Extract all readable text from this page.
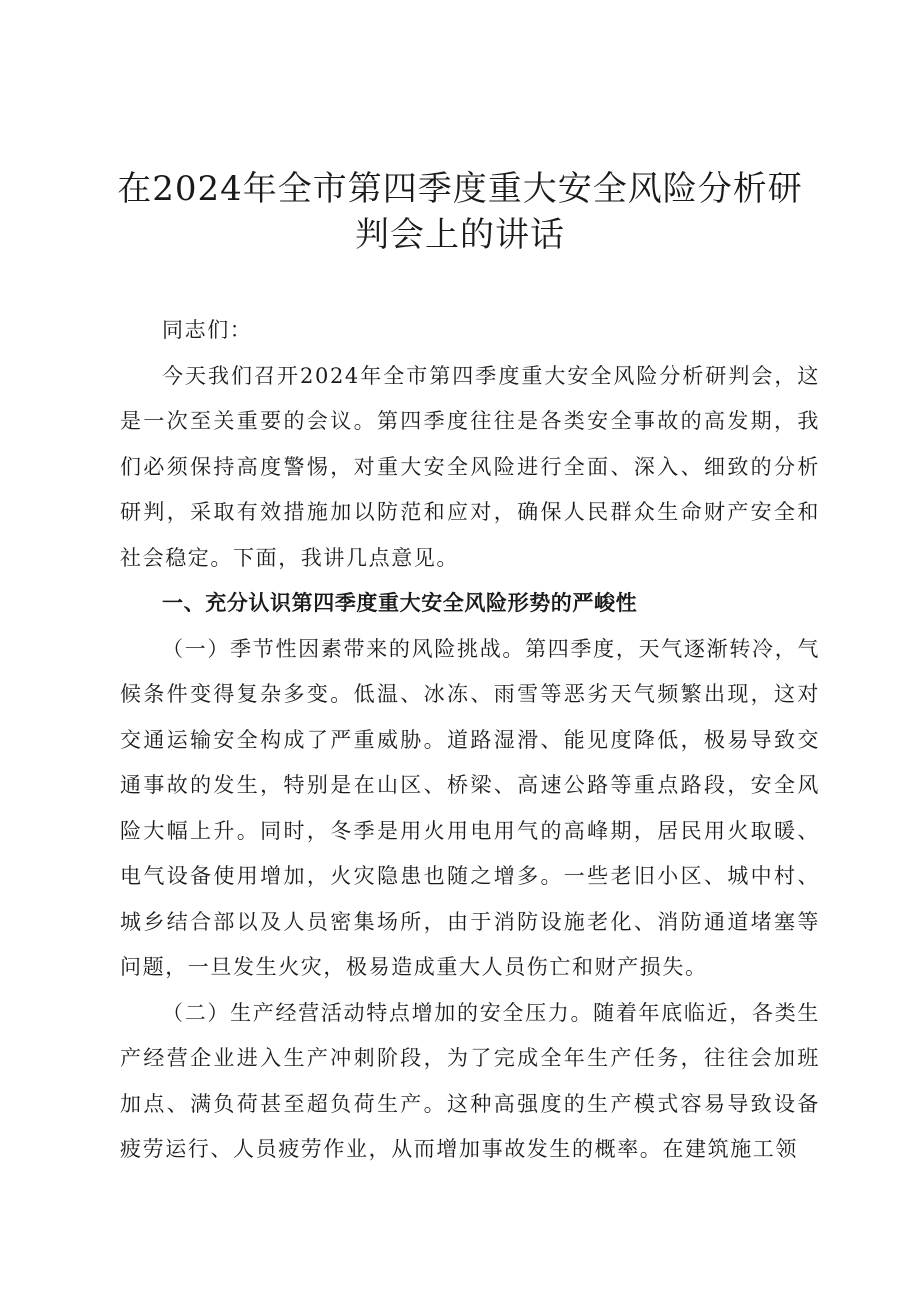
在2024年全市第四季度重大安全风险分析研
判会上的讲话

同志们：

今天我们召开2024年全市第四季度重大安全风险分析研判会，这是一次至关重要的会议。第四季度往往是各类安全事故的高发期，我们必须保持高度警惕，对重大安全风险进行全面、深入、细致的分析研判，采取有效措施加以防范和应对，确保人民群众生命财产安全和社会稳定。下面，我讲几点意见。

一、充分认识第四季度重大安全风险形势的严峻性

（一）季节性因素带来的风险挑战。第四季度，天气逐渐转冷，气候条件变得复杂多变。低温、冰冻、雨雪等恶劣天气频繁出现，这对交通运输安全构成了严重威胁。道路湿滑、能见度降低，极易导致交通事故的发生，特别是在山区、桥梁、高速公路等重点路段，安全风险大幅上升。同时，冬季是用火用电用气的高峰期，居民用火取暖、电气设备使用增加，火灾隐患也随之增多。一些老旧小区、城中村、城乡结合部以及人员密集场所，由于消防设施老化、消防通道堵塞等问题，一旦发生火灾，极易造成重大人员伤亡和财产损失。

（二）生产经营活动特点增加的安全压力。随着年底临近，各类生产经营企业进入生产冲刺阶段，为了完成全年生产任务，往往会加班加点、满负荷甚至超负荷生产。这种高强度的生产模式容易导致设备疲劳运行、人员疲劳作业，从而增加事故发生的概率。在建筑施工领
